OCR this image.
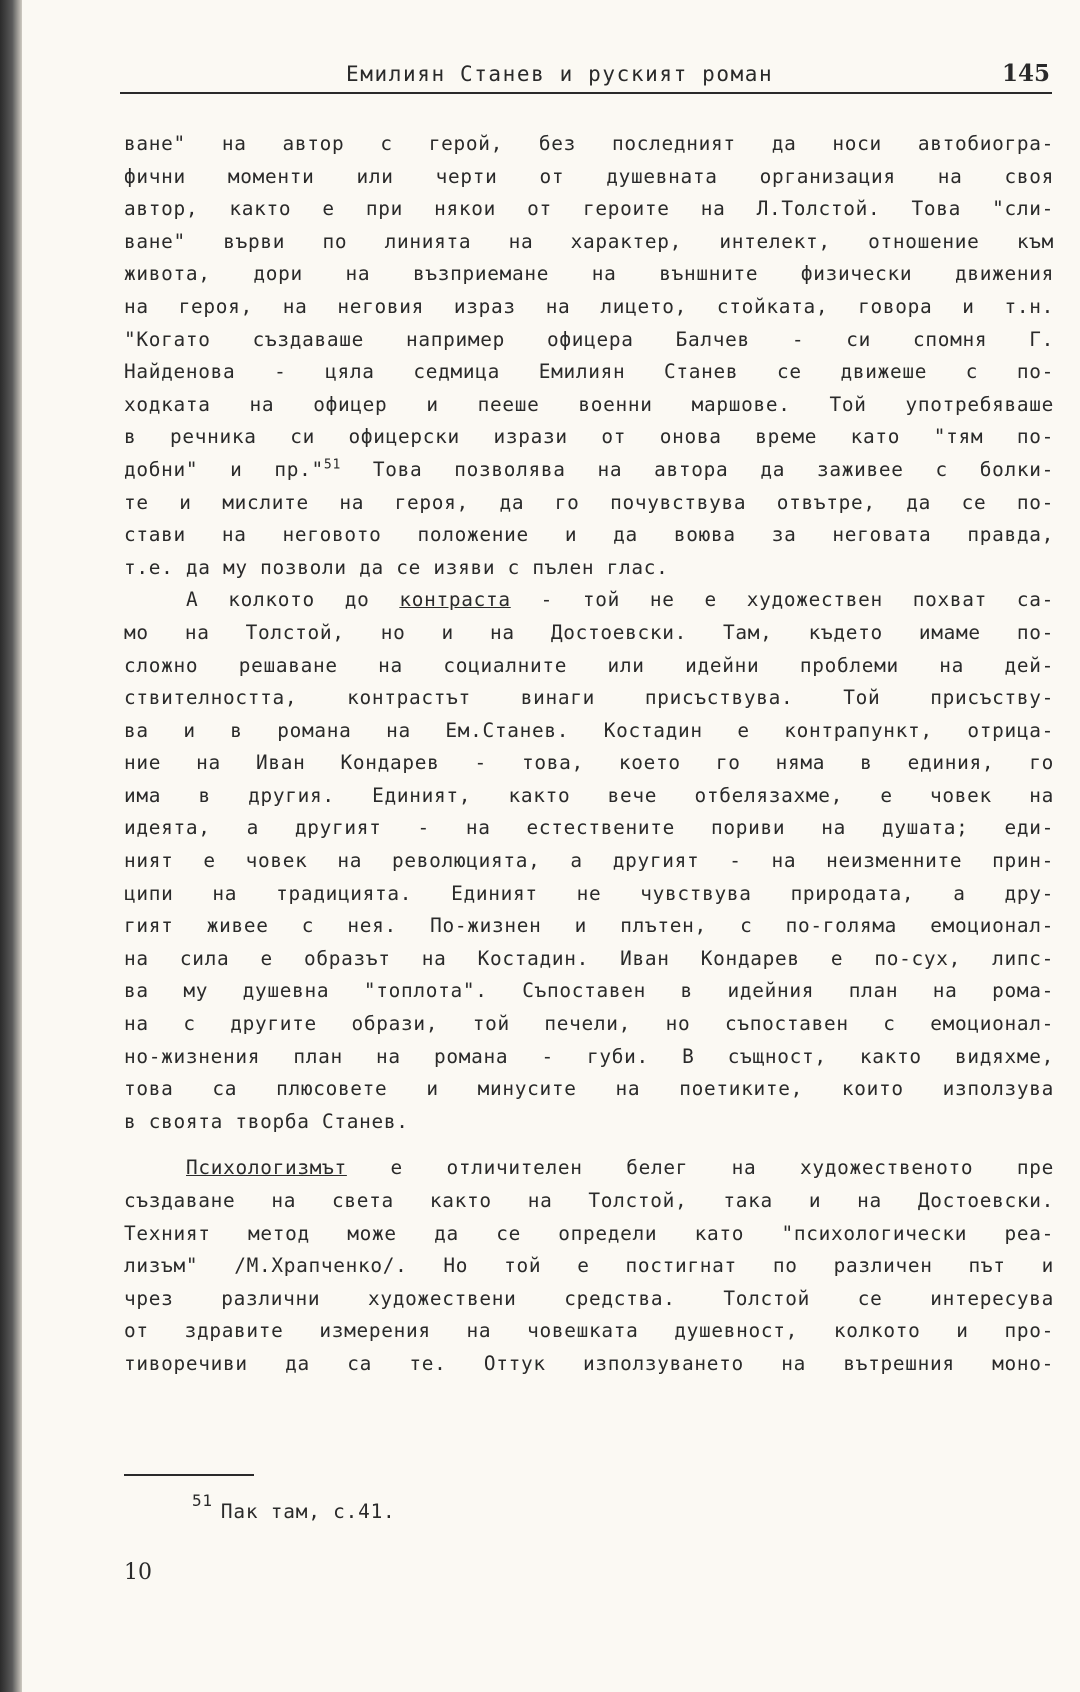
Емилиян Станев и руският роман	145
ване" на автор с герой, без последният да носи автобиогра-
фични моменти или черти от душевната организация на своя
автор, както е при някои от героите на Л.Толстой. Това "сли-
ване" върви по линията на характер, интелект, отношение към
живота, дори на възприемане на външните физически движения
на героя, на неговия израз на лицето, стойката, говора и т.н.
"Когато създаваше например офицера Балчев - си спомня Г.
Найденова - цяла седмица Емилиян Станев се движеше с по-
ходката на офицер и пееше военни маршове. Той употребяваше
в речника си офицерски изрази от онова време като "тям по-
добни" и пр."$^{51}$ Това позволява на автора да заживее с болки-
те и мислите на героя, да го почувствува отвътре, да се по-
стави на неговото положение и да воюва за неговата правда,
т.е. да му позволи да се изяви с пълен глас.
А колкото до контраста - той не е художествен похват са-
мо на Толстой, но и на Достоевски. Там, където имаме по-
сложно решаване на социалните или идейни проблеми на дей-
ствителността, контрастът винаги присъствува. Той присъству-
ва и в романа на Ем.Станев. Костадин е контрапункт, отрица-
ние на Иван Кондарев - това, което го няма в единия, го
има в другия. Единият, както вече отбелязахме, е човек на
идеята, а другият - на естествените пориви на душата; еди-
ният е човек на революцията, а другият - на неизменните прин-
ципи на традицията. Единият не чувствува природата, а дру-
гият живее с нея. По-жизнен и плътен, с по-голяма емоционал-
на сила е образът на Костадин. Иван Кондарев е по-сух, липс-
ва му душевна "топлота". Съпоставен в идейния план на рома-
на с другите образи, той печели, но съпоставен с емоционал-
но-жизнения план на романа - губи. В същност, както видяхме,
това са плюсовете и минусите на поетиките, които използува
в своята творба Станев.
Психологизмът е отличителен белег на художественото пре
създаване на света както на Толстой, така и на Достоевски.
Техният метод може да се определи като "психологически реа-
лизъм" /М.Храпченко/. Но той е постигнат по различен път и
чрез различни художествени средства. Толстой се интересува
от здравите измерения на човешката душевност, колкото и про-
тиворечиви да са те. Оттук използуването на вътрешния моно-
$^{51}$ Пак там, с.41.
10
